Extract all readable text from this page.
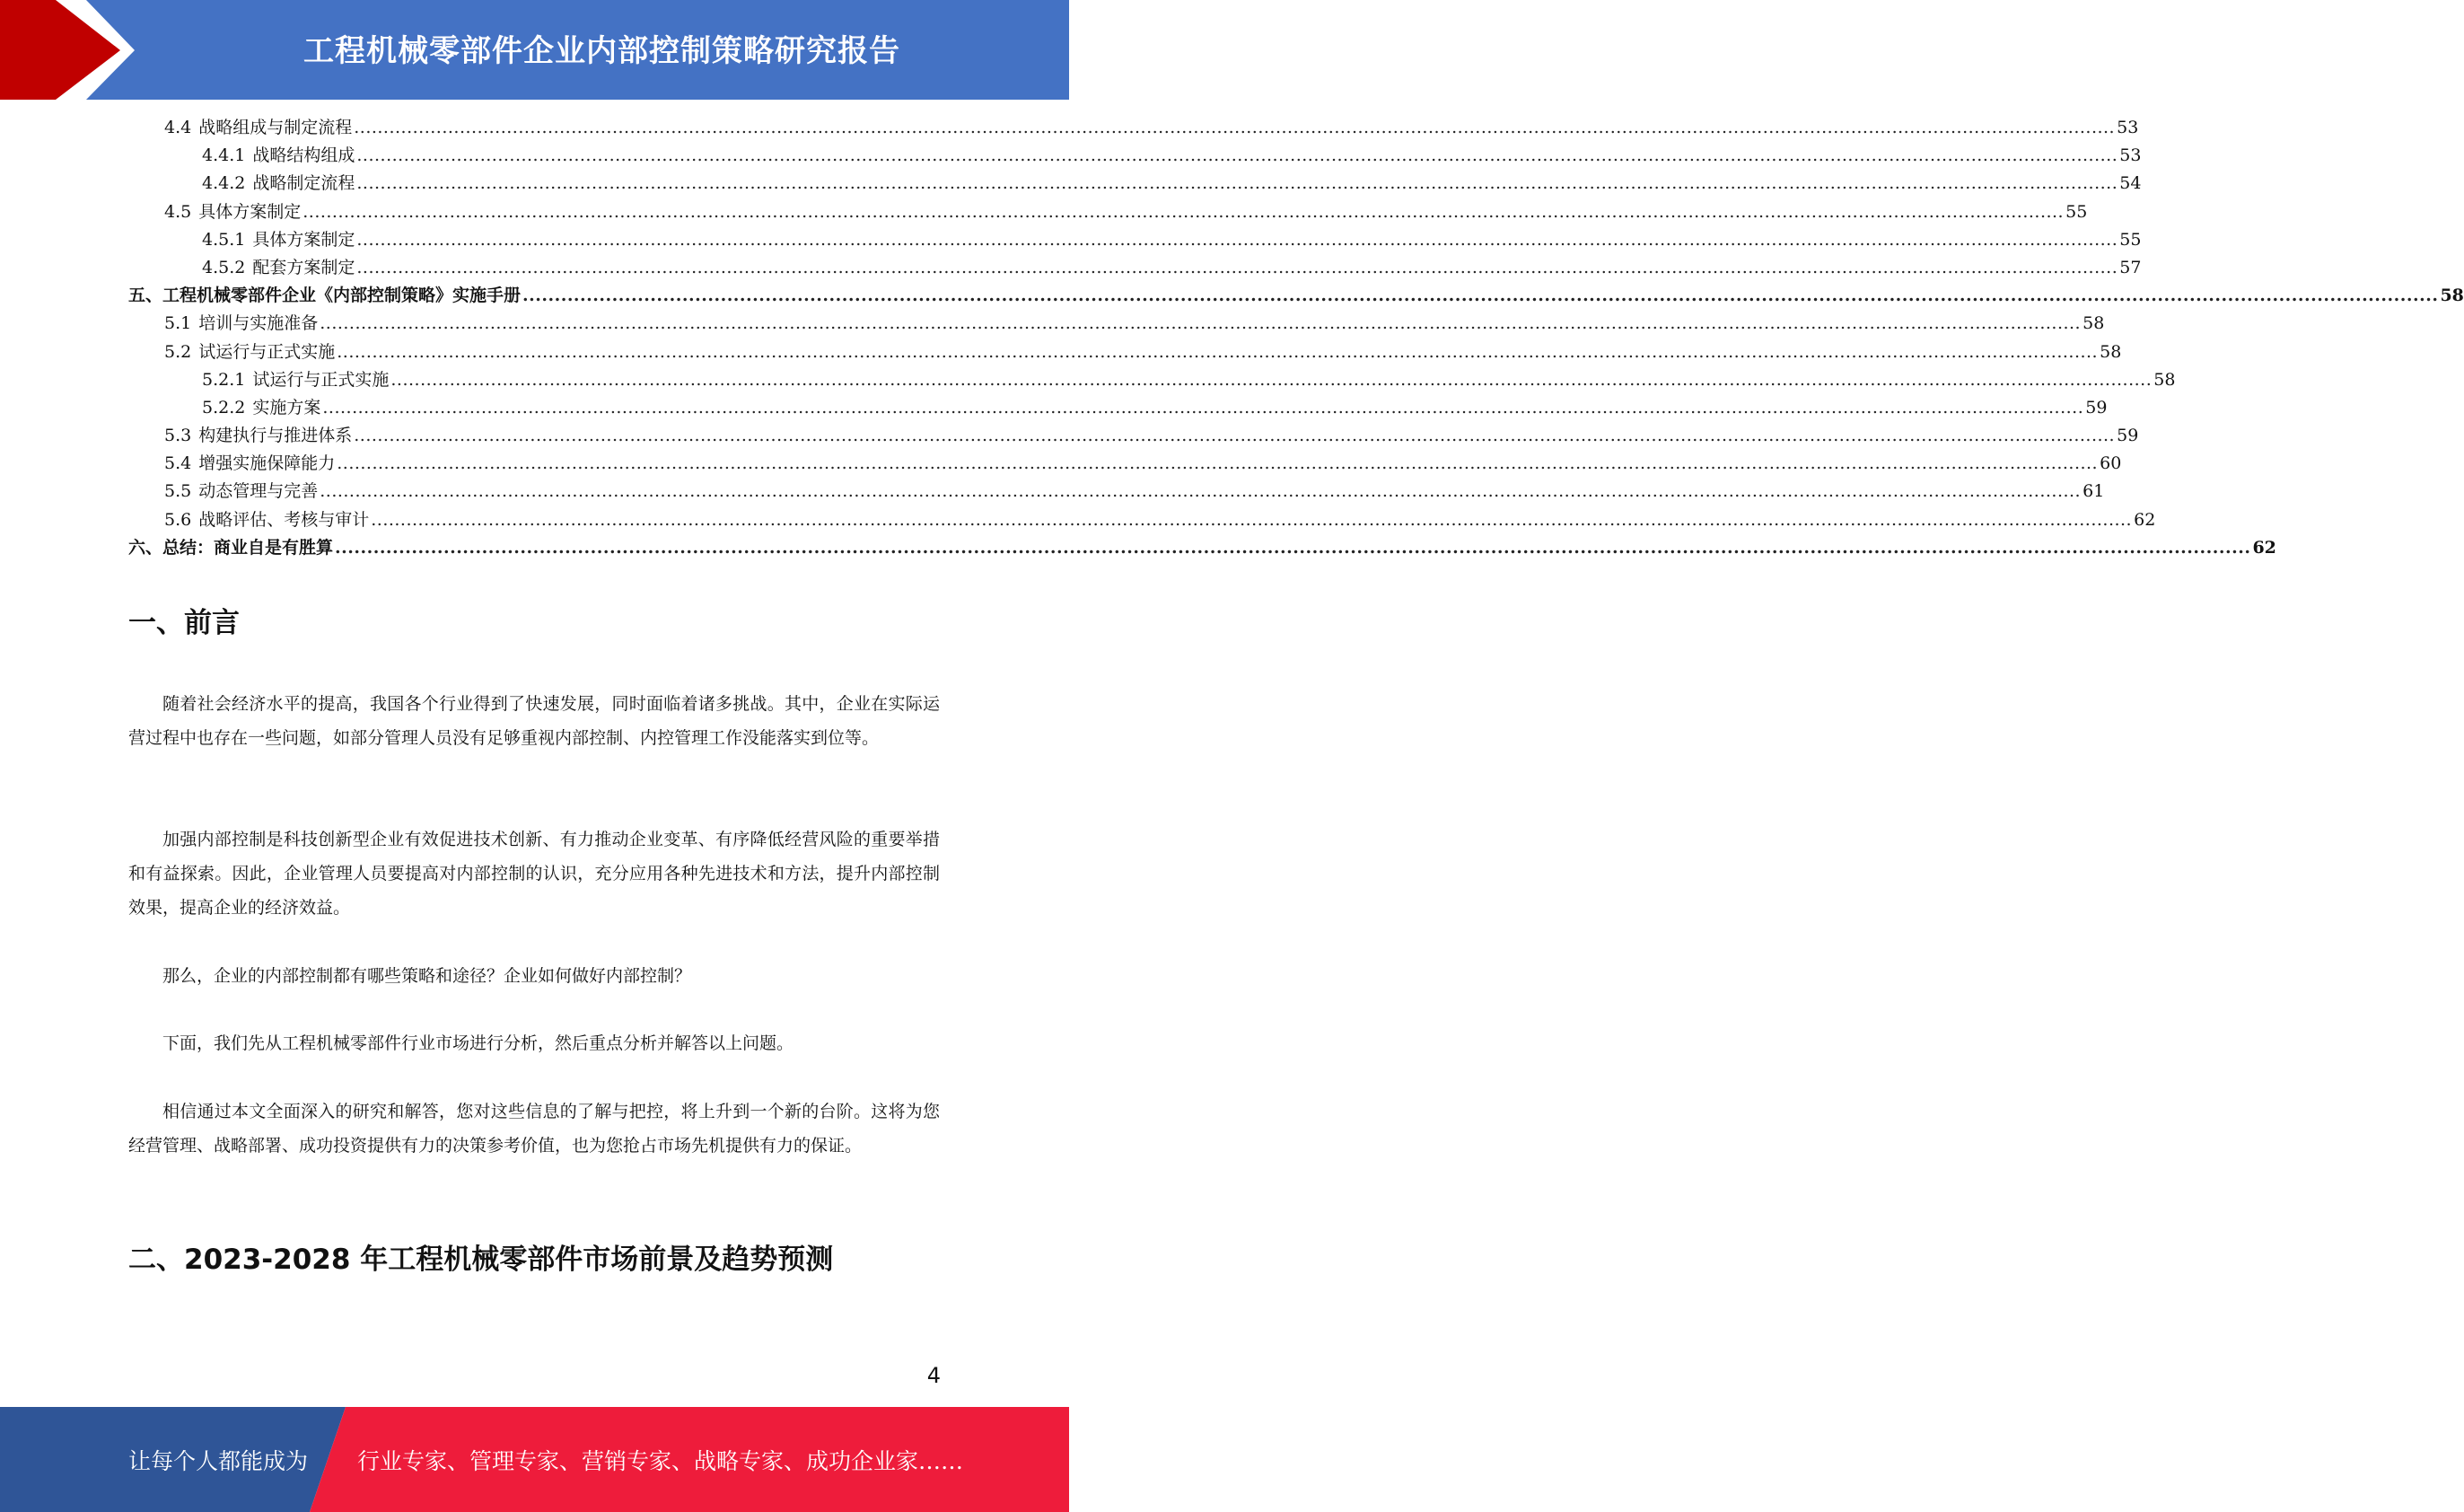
工程机械零部件企业内部控制策略研究报告
4.4 战略组成与制定流程 ............................................................................................................................................................................................................................................................................................................ 53
4.4.1 战略结构组成 ............................................................................................................................................................................................................................................................................................................ 53
4.4.2 战略制定流程 ............................................................................................................................................................................................................................................................................................................ 54
4.5 具体方案制定 ............................................................................................................................................................................................................................................................................................................ 55
4.5.1 具体方案制定 ............................................................................................................................................................................................................................................................................................................ 55
4.5.2 配套方案制定 ............................................................................................................................................................................................................................................................................................................ 57
五、工程机械零部件企业《内部控制策略》实施手册 ............................................................................................................................................................................................................................................................................................................ 58
5.1 培训与实施准备 ............................................................................................................................................................................................................................................................................................................ 58
5.2 试运行与正式实施 ............................................................................................................................................................................................................................................................................................................ 58
5.2.1 试运行与正式实施 ............................................................................................................................................................................................................................................................................................................ 58
5.2.2 实施方案 ............................................................................................................................................................................................................................................................................................................ 59
5.3 构建执行与推进体系 ............................................................................................................................................................................................................................................................................................................ 59
5.4 增强实施保障能力 ............................................................................................................................................................................................................................................................................................................ 60
5.5 动态管理与完善 ............................................................................................................................................................................................................................................................................................................ 61
5.6 战略评估、考核与审计 ............................................................................................................................................................................................................................................................................................................ 62
六、总结：商业自是有胜算 ............................................................................................................................................................................................................................................................................................................ 62
一、前言
随着社会经济水平的提高，我国各个行业得到了快速发展，同时面临着诸多挑战。其中，企业在实际运营过程中也存在一些问题，如部分管理人员没有足够重视内部控制、内控管理工作没能落实到位等。
加强内部控制是科技创新型企业有效促进技术创新、有力推动企业变革、有序降低经营风险的重要举措和有益探索。因此，企业管理人员要提高对内部控制的认识，充分应用各种先进技术和方法，提升内部控制效果，提高企业的经济效益。
那么，企业的内部控制都有哪些策略和途径？企业如何做好内部控制？
下面，我们先从工程机械零部件行业市场进行分析，然后重点分析并解答以上问题。
相信通过本文全面深入的研究和解答，您对这些信息的了解与把控，将上升到一个新的台阶。这将为您经营管理、战略部署、成功投资提供有力的决策参考价值，也为您抢占市场先机提供有力的保证。
二、2023-2028 年工程机械零部件市场前景及趋势预测
4
让每个人都能成为 行业专家、管理专家、营销专家、战略专家、成功企业家……
